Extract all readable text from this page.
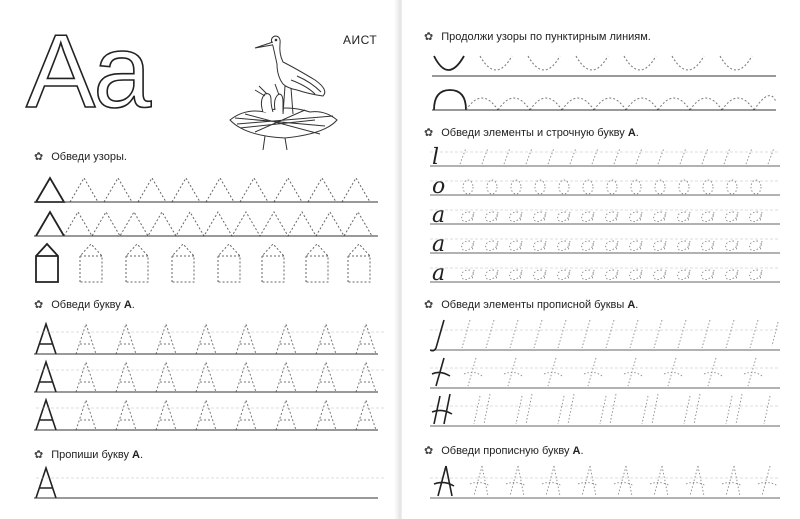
Aa	АИСТ
✿ Обведи узоры.
✿ Обведи букву А.
✿ Пропиши букву А.
✿ Продолжи узоры по пунктирным линиям.
✿ Обведи элементы и строчную букву А.
l
o
a
a
a
✿ Обведи элементы прописной буквы А.
✿ Обведи прописную букву А.
